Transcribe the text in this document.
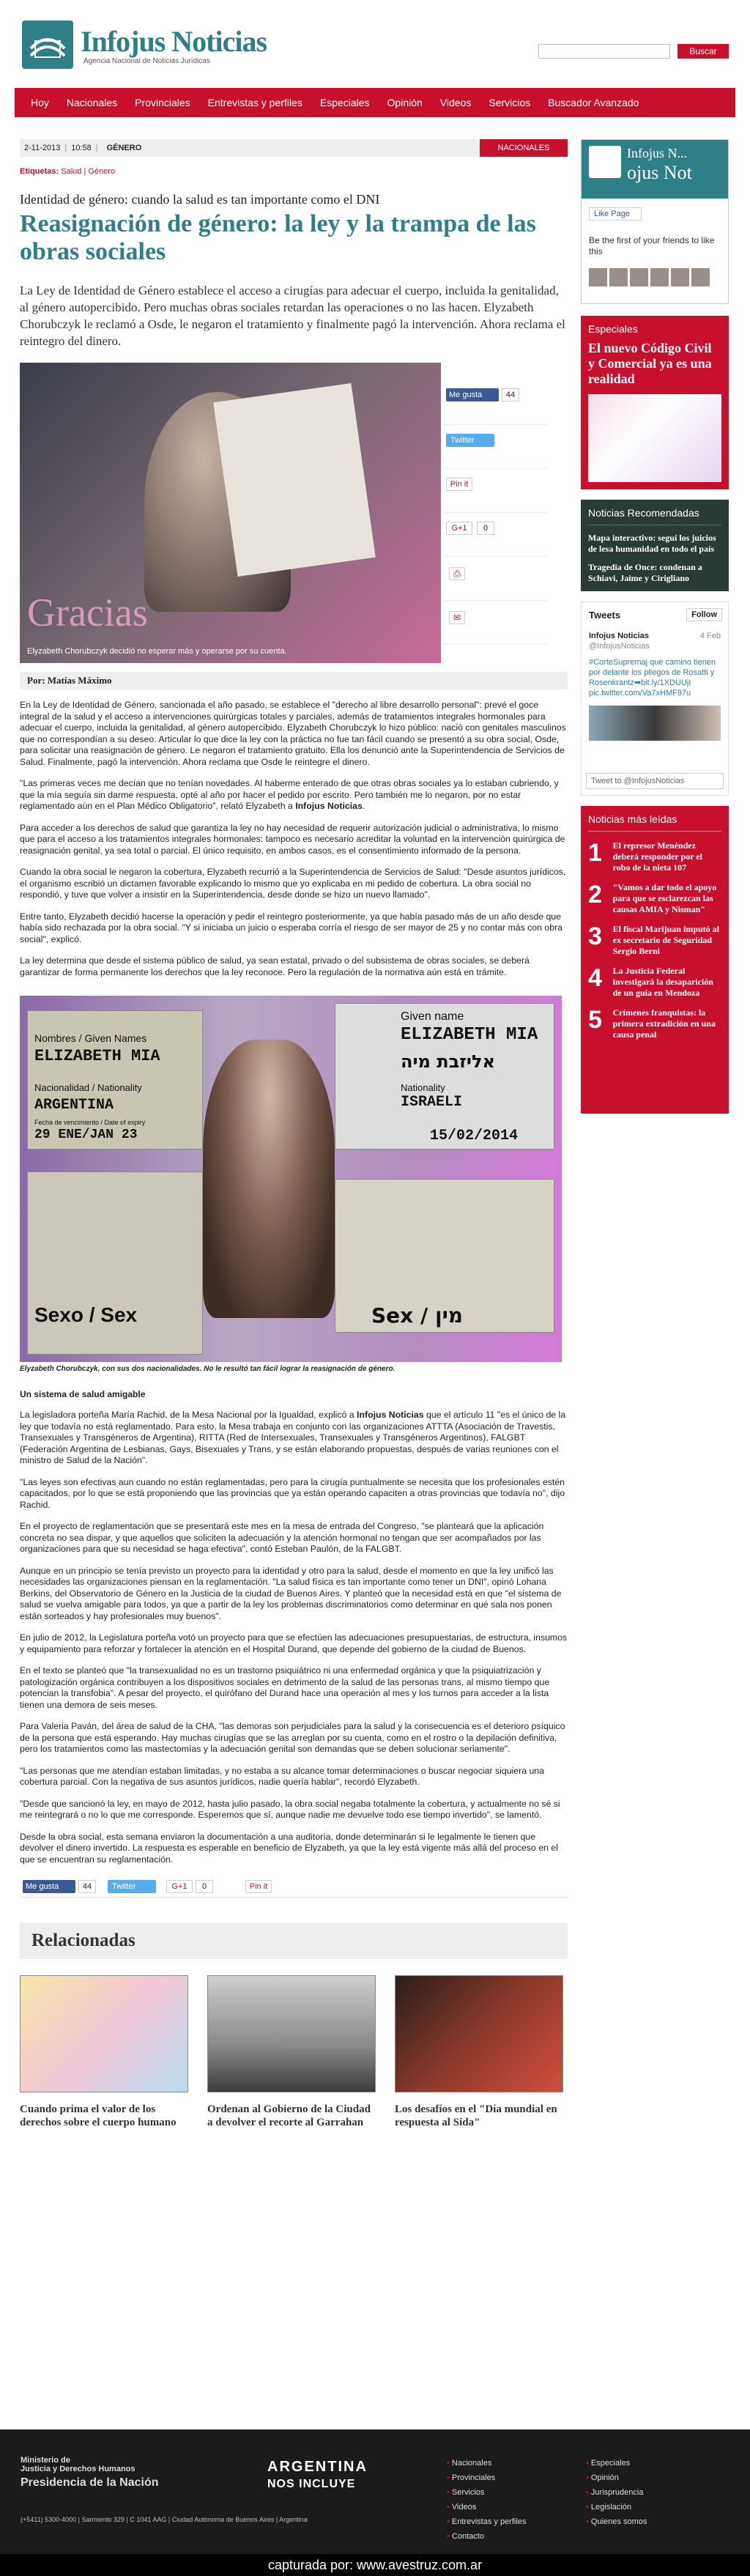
Infojus Noticias
Agencia Nacional de Noticias Jurídicas
Buscar
Hoy	Nacionales	Provinciales	Entrevistas y perfiles	Especiales	Opinión	Videos	Servicios	Buscador Avanzado
2-11-2013 | 10:58 | GÉNERO	NACIONALES
Etiquetas: Salud | Género
Identidad de género: cuando la salud es tan importante como el DNI
Reasignación de género: la ley y la trampa de las obras sociales

La Ley de Identidad de Género establece el acceso a cirugías para adecuar el cuerpo, incluida la genitalidad, al género autopercibido. Pero muchas obras sociales retardan las operaciones o no las hacen. Elyzabeth Chorubczyk le reclamó a Osde, le negaron el tratamiento y finalmente pagó la intervención. Ahora reclama el reintegro del dinero.

Gracias
Elyzabeth Chorubczyk decidió no esperar más y operarse por su cuenta.
Por: Matías Máximo

En la Ley de Identidad de Género, sancionada el año pasado, se establece el "derecho al libre desarrollo personal": prevé el goce integral de la salud y el acceso a intervenciones quirúrgicas totales y parciales, además de tratamientos integrales hormonales para adecuar el cuerpo, incluida la genitalidad, al género autopercibido. Elyzabeth Chorubczyk lo hizo público: nació con genitales masculinos que no correspondían a su deseo. Articular lo que dice la ley con la práctica no fue tan fácil cuando se presentó a su obra social, Osde, para solicitar una reasignación de género. Le negaron el tratamiento gratuito. Ella los denunció ante la Superintendencia de Servicios de Salud. Finalmente, pagó la intervención. Ahora reclama que Osde le reintegre el dinero.

"Las primeras veces me decían que no tenían novedades. Al haberme enterado de que otras obras sociales ya lo estaban cubriendo, y que la mía seguía sin darme respuesta, opté al año por hacer el pedido por escrito. Pero también me lo negaron, por no estar reglamentado aún en el Plan Médico Obligatorio", relató Elyzabeth a Infojus Noticias.

Para acceder a los derechos de salud que garantiza la ley no hay necesidad de requerir autorización judicial o administrativa, lo mismo que para el acceso a los tratamientos integrales hormonales: tampoco es necesario acreditar la voluntad en la intervención quirúrgica de reasignación genital, ya sea total o parcial. El único requisito, en ambos casos, es el consentimiento informado de la persona.

Cuando la obra social le negaron la cobertura, Elyzabeth recurrió a la Superintendencia de Servicios de Salud: "Desde asuntos jurídicos, el organismo escribió un dictamen favorable explicando lo mismo que yo explicaba en mi pedido de cobertura. La obra social no respondió, y tuve que volver a insistir en la Superintendencia, desde donde se hizo un nuevo llamado".

Entre tanto, Elyzabeth decidió hacerse la operación y pedir el reintegro posteriormente, ya que había pasado más de un año desde que había sido rechazada por la obra social. "Y si iniciaba un juicio o esperaba corría el riesgo de ser mayor de 25 y no contar más con obra social", explicó.

La ley determina que desde el sistema público de salud, ya sean estatal, privado o del subsistema de obras sociales, se deberá garantizar de forma permanente los derechos que la ley reconoce. Pero la regulación de la normativa aún está en trámite.

Nombres / Given Names
ELIZABETH MIA
Nacionalidad / Nationality
ARGENTINA
Fecha de vencimiento / Date of expiry
29 ENE/JAN 23
Sexo / Sex
Given name
ELIZABETH MIA
אליזבת מיה
Nationality
ISRAELI
15/02/2014
Sex / מין
Elyzabeth Chorubczyk, con sus dos nacionalidades. No le resultó tan fácil lograr la reasignación de género.
Un sistema de salud amigable

La legisladora porteña María Rachid, de la Mesa Nacional por la Igualdad, explicó a Infojus Noticias que el artículo 11 "es el único de la ley que todavía no está reglamentado. Para esto, la Mesa trabaja en conjunto con las organizaciones ATTTA (Asociación de Travestis, Transexuales y Transgéneros de Argentina), RITTA (Red de Intersexuales, Transexuales y Transgéneros Argentinos), FALGBT (Federación Argentina de Lesbianas, Gays, Bisexuales y Trans, y se están elaborando propuestas, después de varias reuniones con el ministro de Salud de la Nación".

"Las leyes son efectivas aun cuando no están reglamentadas, pero para la cirugía puntualmente se necesita que los profesionales estén capacitados, por lo que se está proponiendo que las provincias que ya están operando capaciten a otras provincias que todavía no", dijo Rachid.

En el proyecto de reglamentación que se presentará este mes en la mesa de entrada del Congreso, "se planteará que la aplicación concreta no sea dispar, y que aquellos que soliciten la adecuación y la atención hormonal no tengan que ser acompañados por las organizaciones para que su necesidad se haga efectiva", contó Esteban Paulón, de la FALGBT.

Aunque en un principio se tenía previsto un proyecto para la identidad y otro para la salud, desde el momento en que la ley unificó las necesidades las organizaciones piensan en la reglamentación. "La salud física es tan importante como tener un DNI", opinó Lohana Berkins, del Observatorio de Género en la Justicia de la ciudad de Buenos Aires. Y planteó que la necesidad está en que "el sistema de salud se vuelva amigable para todos, ya que a partir de la ley los problemas discriminatorios como determinar en qué sala nos ponen están sorteados y hay profesionales muy buenos".

En julio de 2012, la Legislatura porteña votó un proyecto para que se efectúen las adecuaciones presupuestarias, de estructura, insumos y equipamiento para reforzar y fortalecer la atención en el Hospital Durand, que depende del gobierno de la ciudad de Buenos.

En el texto se planteó que "la transexualidad no es un trastorno psiquiátrico ni una enfermedad orgánica y que la psiquiatrización y patologización orgánica contribuyen a los dispositivos sociales en detrimento de la salud de las personas trans, al mismo tiempo que potencian la transfobia". A pesar del proyecto, el quirófano del Durand hace una operación al mes y los turnos para acceder a la lista tienen una demora de seis meses.

Para Valeria Paván, del área de salud de la CHA, "las demoras son perjudiciales para la salud y la consecuencia es el deterioro psíquico de la persona que está esperando. Hay muchas cirugías que se las arreglan por su cuenta, como en el rostro o la depilación definitiva, pero los tratamientos como las mastectomías y la adecuación genital son demandas que se deben solucionar seriamente".

"Las personas que me atendían estaban limitadas, y no estaba a su alcance tomar determinaciones o buscar negociar siquiera una cobertura parcial. Con la negativa de sus asuntos jurídicos, nadie quería hablar", recordó Elyzabeth.

"Desde que sancionó la ley, en mayo de 2012, hasta julio pasado, la obra social negaba totalmente la cobertura, y actualmente no sé si me reintegrará o no lo que me corresponde. Esperemos que sí, aunque nadie me devuelve todo ese tiempo invertido", se lamentó.

Desde la obra social, esta semana enviaron la documentación a una auditoría, donde determinarán si le legalmente le tienen que devolver el dinero invertido. La respuesta es esperable en beneficio de Elyzabeth, ya que la ley está vigente más allá del proceso en el que se encuentran su reglamentación.

Me gusta	44	Twitter	G+1	0	Pin it
Relacionadas
Cuando prima el valor de los derechos sobre el cuerpo humano
Ordenan al Gobierno de la Ciudad a devolver el recorte al Garrahan
Los desafíos en el "Día mundial en respuesta al Sida"
Me gusta	44
Twitter
Pin it
G+1	0
⎙
✉
Infojus N...
ojus Not
Like Page
Be the first of your friends to like this
Especiales
El nuevo Código Civil y Comercial ya es una realidad
Noticias Recomendadas
Mapa interactivo: seguí los juicios de lesa humanidad en todo el país
Tragedia de Once: condenan a Schiavi, Jaime y Cirigliano
Tweets	Follow
Infojus Noticias	4 Feb

@InfojusNoticias
#CorteSupremaj que camino tienen por delante los pliegos de Rosatti y Rosenkrantz➡bit.ly/1XDUUjI pic.twitter.com/Va7xHMF97u
Tweet to @InfojusNoticias
Noticias más leídas
1	El represor Menéndez deberá responder por el robo de la nieta 107
2	"Vamos a dar todo el apoyo para que se esclarezcan las causas AMIA y Nisman"
3	El fiscal Marijuan imputó al ex secretario de Seguridad Sergio Berni
4	La Justicia Federal investigará la desaparición de un guía en Mendoza
5	Crímenes franquistas: la primera extradición en una causa penal
Ministerio de
Justicia y Derechos Humanos
Presidencia de la Nación
(+5411) 5300-4000 | Sarmiento 329 | C 1041 AAG | Ciudad Autónoma de Buenos Aires | Argentina
ARGENTINA
NOS INCLUYE
• Nacionales
• Provinciales
• Servicios
• Videos
• Entrevistas y perfiles
• Contacto
• Especiales
• Opinión
• Jurisprudencia
• Legislación
• Quienes somos
capturada por: www.avestruz.com.ar
